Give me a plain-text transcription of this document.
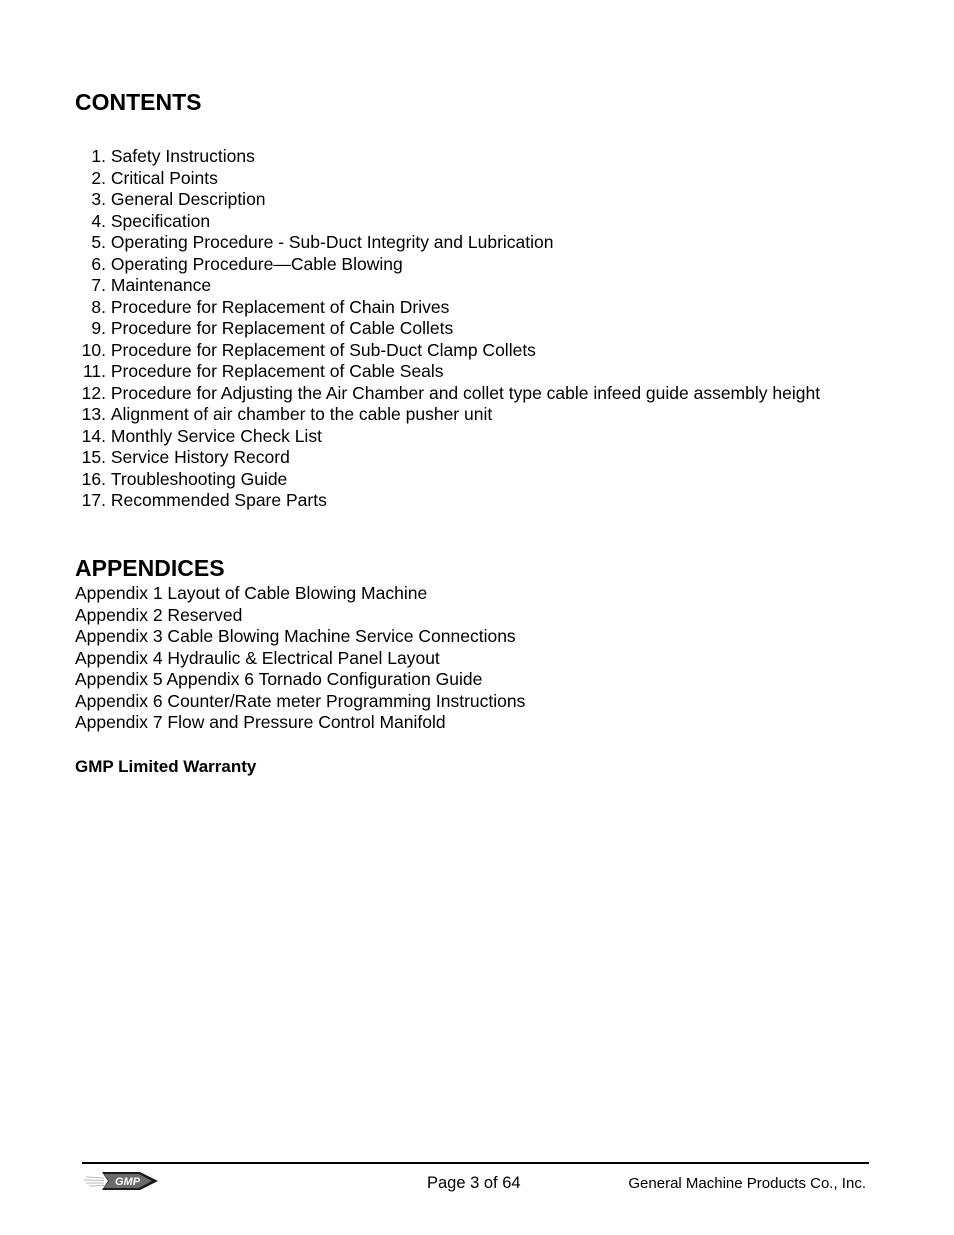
CONTENTS
1.
Safety Instructions
2.
Critical Points
3.
General Description
4.
Specification
5.
Operating Procedure - Sub-Duct Integrity and Lubrication
6.
Operating Procedure—Cable Blowing
7.
Maintenance
8.
Procedure for Replacement of Chain Drives
9.
Procedure for Replacement of Cable Collets
10.
Procedure for Replacement of Sub-Duct Clamp Collets
11.
Procedure for Replacement of Cable Seals
12.
Procedure for Adjusting the Air Chamber and collet type cable infeed guide assembly height
13.
Alignment of air chamber to the cable pusher unit
14.
Monthly Service Check List
15.
Service History Record
16.
Troubleshooting Guide
17.
Recommended Spare Parts
APPENDICES
Appendix 1 Layout of Cable Blowing Machine
Appendix 2 Reserved
Appendix 3 Cable Blowing Machine Service Connections
Appendix 4 Hydraulic & Electrical Panel Layout
Appendix 5 Appendix 6 Tornado Configuration Guide
Appendix 6 Counter/Rate meter Programming Instructions
Appendix 7 Flow and Pressure Control Manifold

GMP Limited Warranty

GMP	Page 3 of 64	General Machine Products Co., Inc.
